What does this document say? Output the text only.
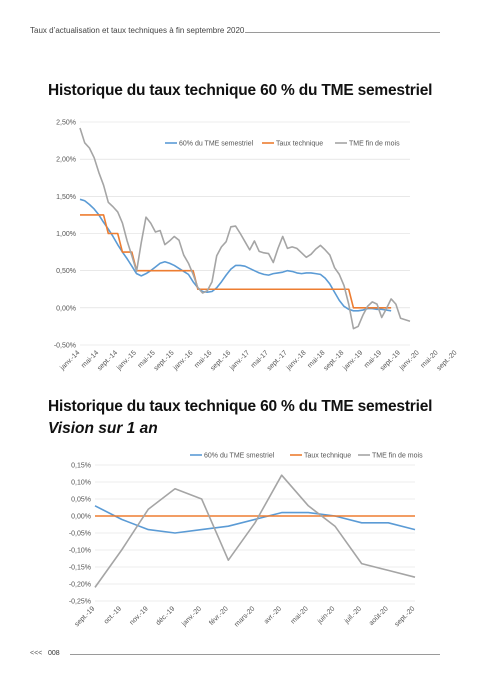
Taux d’actualisation et taux techniques à fin septembre 2020
Historique du taux technique 60 % du TME semestriel
-0,50%
0,00%
0,50%
1,00%
1,50%
2,00%
2,50%
janv.-14
mai-14
sept.-14
janv.-15
mai-15
sept.-15
janv.-16
mai-16
sept.-16
janv.-17
mai-17
sept.-17
janv.-18
mai-18
sept.-18
janv.-19
mai-19
sept.-19
janv.-20
mai-20
sept.-20
60% du TME semestriel	Taux technique	TME fin de mois
Historique du taux technique 60 % du TME semestriel
Vision sur 1 an
-0,25%
-0,20%
-0,15%
-0,10%
-0,05%
0,00%
0,05%
0,10%
0,15%
sept.-19 oct.-19 nov.-19 déc.-19 janv.-20 févr.-20 mars-20 avr.-20 mai-20 juin-20 juil.-20 août-20 sept.-20
60% du TME smestriel	Taux technique	TME fin de mois
<<< 008
